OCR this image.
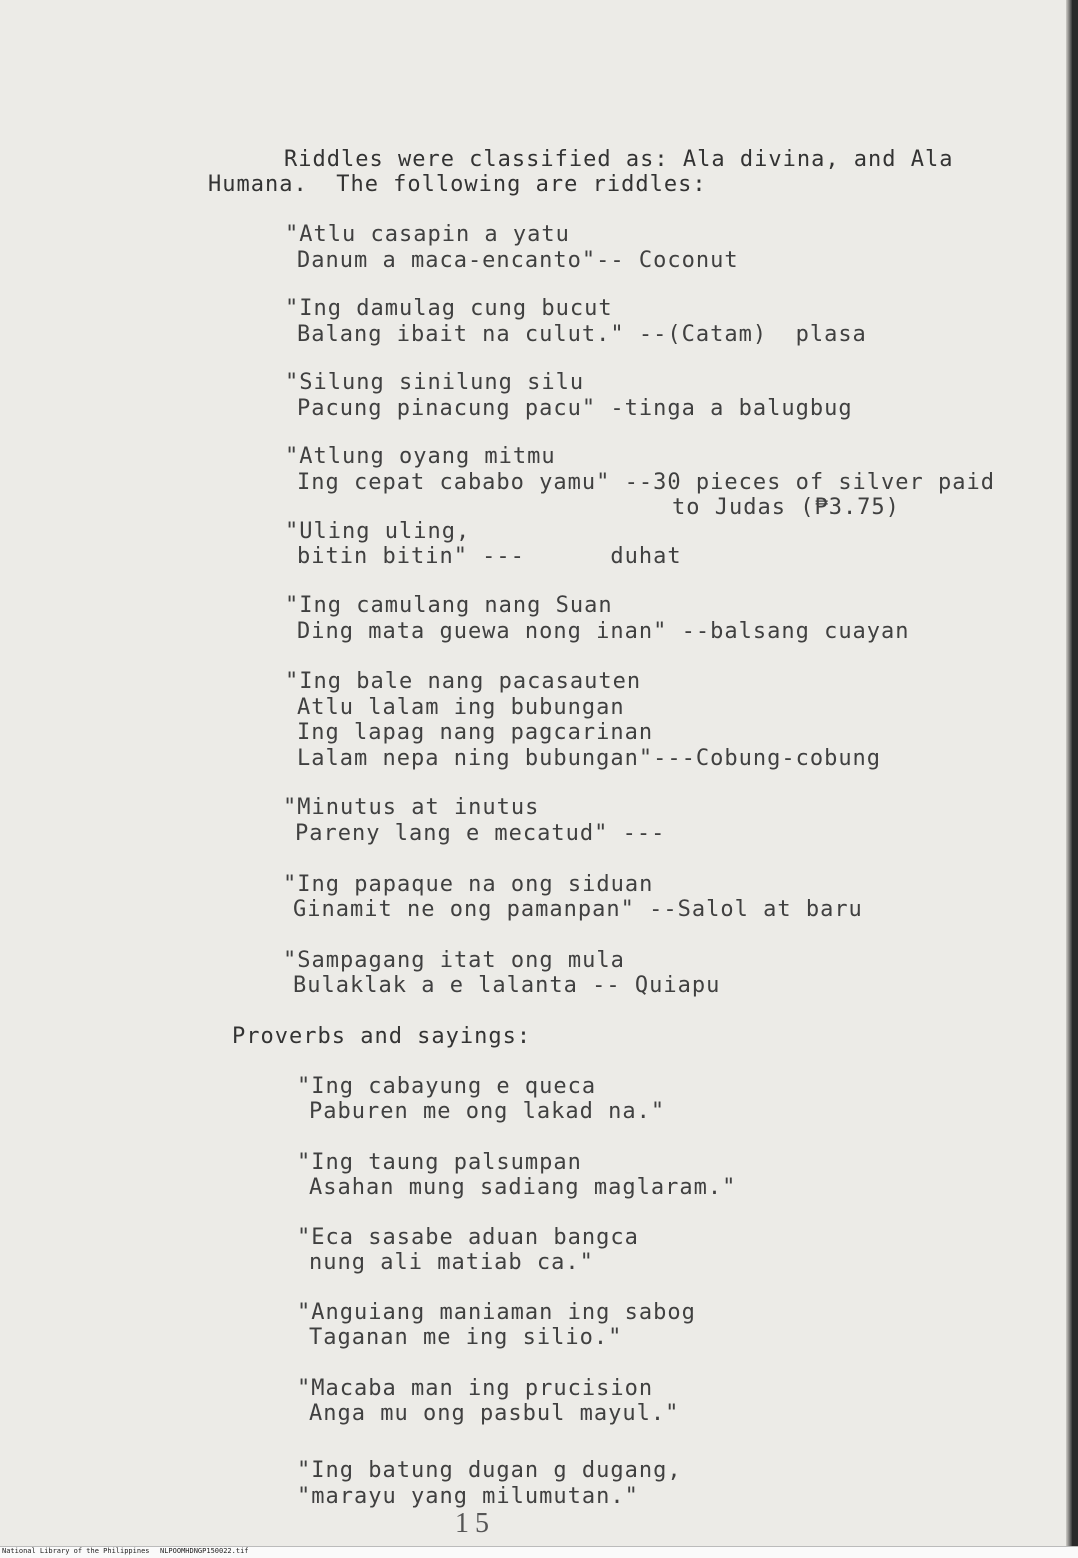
Riddles were classified as: Ala divina, and Ala
Humana.  The following are riddles:
"Atlu casapin a yatu
Danum a maca-encanto"-- Coconut
"Ing damulag cung bucut
Balang ibait na culut." --(Catam)  plasa
"Silung sinilung silu
Pacung pinacung pacu" -tinga a balugbug
"Atlung oyang mitmu
Ing cepat cababo yamu" --30 pieces of silver paid
to Judas (₱3.75)
"Uling uling,
bitin bitin" ---      duhat
"Ing camulang nang Suan
Ding mata guewa nong inan" --balsang cuayan
"Ing bale nang pacasauten
Atlu lalam ing bubungan
Ing lapag nang pagcarinan
Lalam nepa ning bubungan"---Cobung-cobung
"Minutus at inutus
Pareny lang e mecatud" ---
"Ing papaque na ong siduan
Ginamit ne ong pamanpan" --Salol at baru
"Sampagang itat ong mula
Bulaklak a e lalanta -- Quiapu
Proverbs and sayings:
"Ing cabayung e queca
Paburen me ong lakad na."
"Ing taung palsumpan
Asahan mung sadiang maglaram."
"Eca sasabe aduan bangca
nung ali matiab ca."
"Anguiang maniaman ing sabog
Taganan me ing silio."
"Macaba man ing prucision
Anga mu ong pasbul mayul."
"Ing batung dugan g dugang,
"marayu yang milumutan."
15
National Library of the Philippines NLPOOMHDNGP150022.tif
